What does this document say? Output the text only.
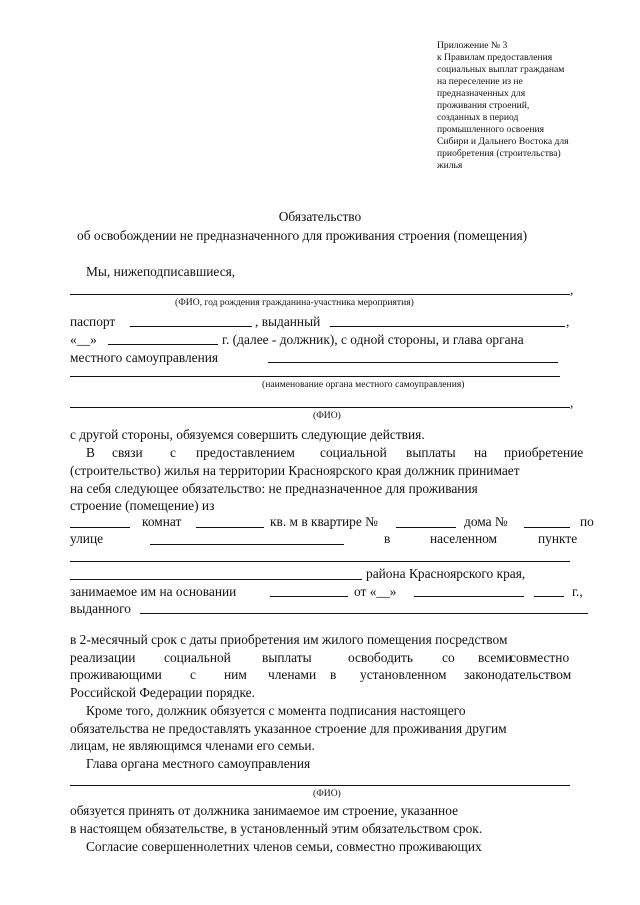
Приложение № 3
к Правилам предоставления
социальных выплат гражданам
на переселение из не
предназначенных для
проживания строений,
созданных в период
промышленного освоения
Сибири и Дальнего Востока для
приобретения (строительства)
жилья
Обязательство
об освобождении не предназначенного для проживания строения (помещения)
Мы, нижеподписавшиеся,
,
(ФИО, год рождения гражданина-участника мероприятия)
паспорт	, выданный	,
«__»	г. (далее - должник), с одной стороны, и глава органа
местного самоуправления
(наименование органа местного самоуправления)
,
(ФИО)
с другой стороны, обязуемся совершить следующие действия.
В связи с предоставлением социальной выплаты на приобретение
(строительство) жилья на территории Красноярского края должник принимает
на себя следующее обязательство: не предназначенное для проживания
строение (помещение) из
комнат	кв. м в квартире №	дома №	по
улице	в	населенном	пункте
района Красноярского края,
занимаемое им на основании	от «__»	г.,
выданного
в 2-месячный срок с даты приобретения им жилого помещения посредством
реализации социальной выплаты	освободить со всеми
совместно
проживающими с ним членами в установленном законодательством
Российской Федерации порядке.
Кроме того, должник обязуется с момента подписания настоящего
обязательства не предоставлять указанное строение для проживания другим
лицам, не являющимся членами его семьи.
Глава органа местного самоуправления
(ФИО)
обязуется принять от должника занимаемое им строение, указанное
в настоящем обязательстве, в установленный этим обязательством срок.
Согласие совершеннолетних членов семьи, совместно проживающих
